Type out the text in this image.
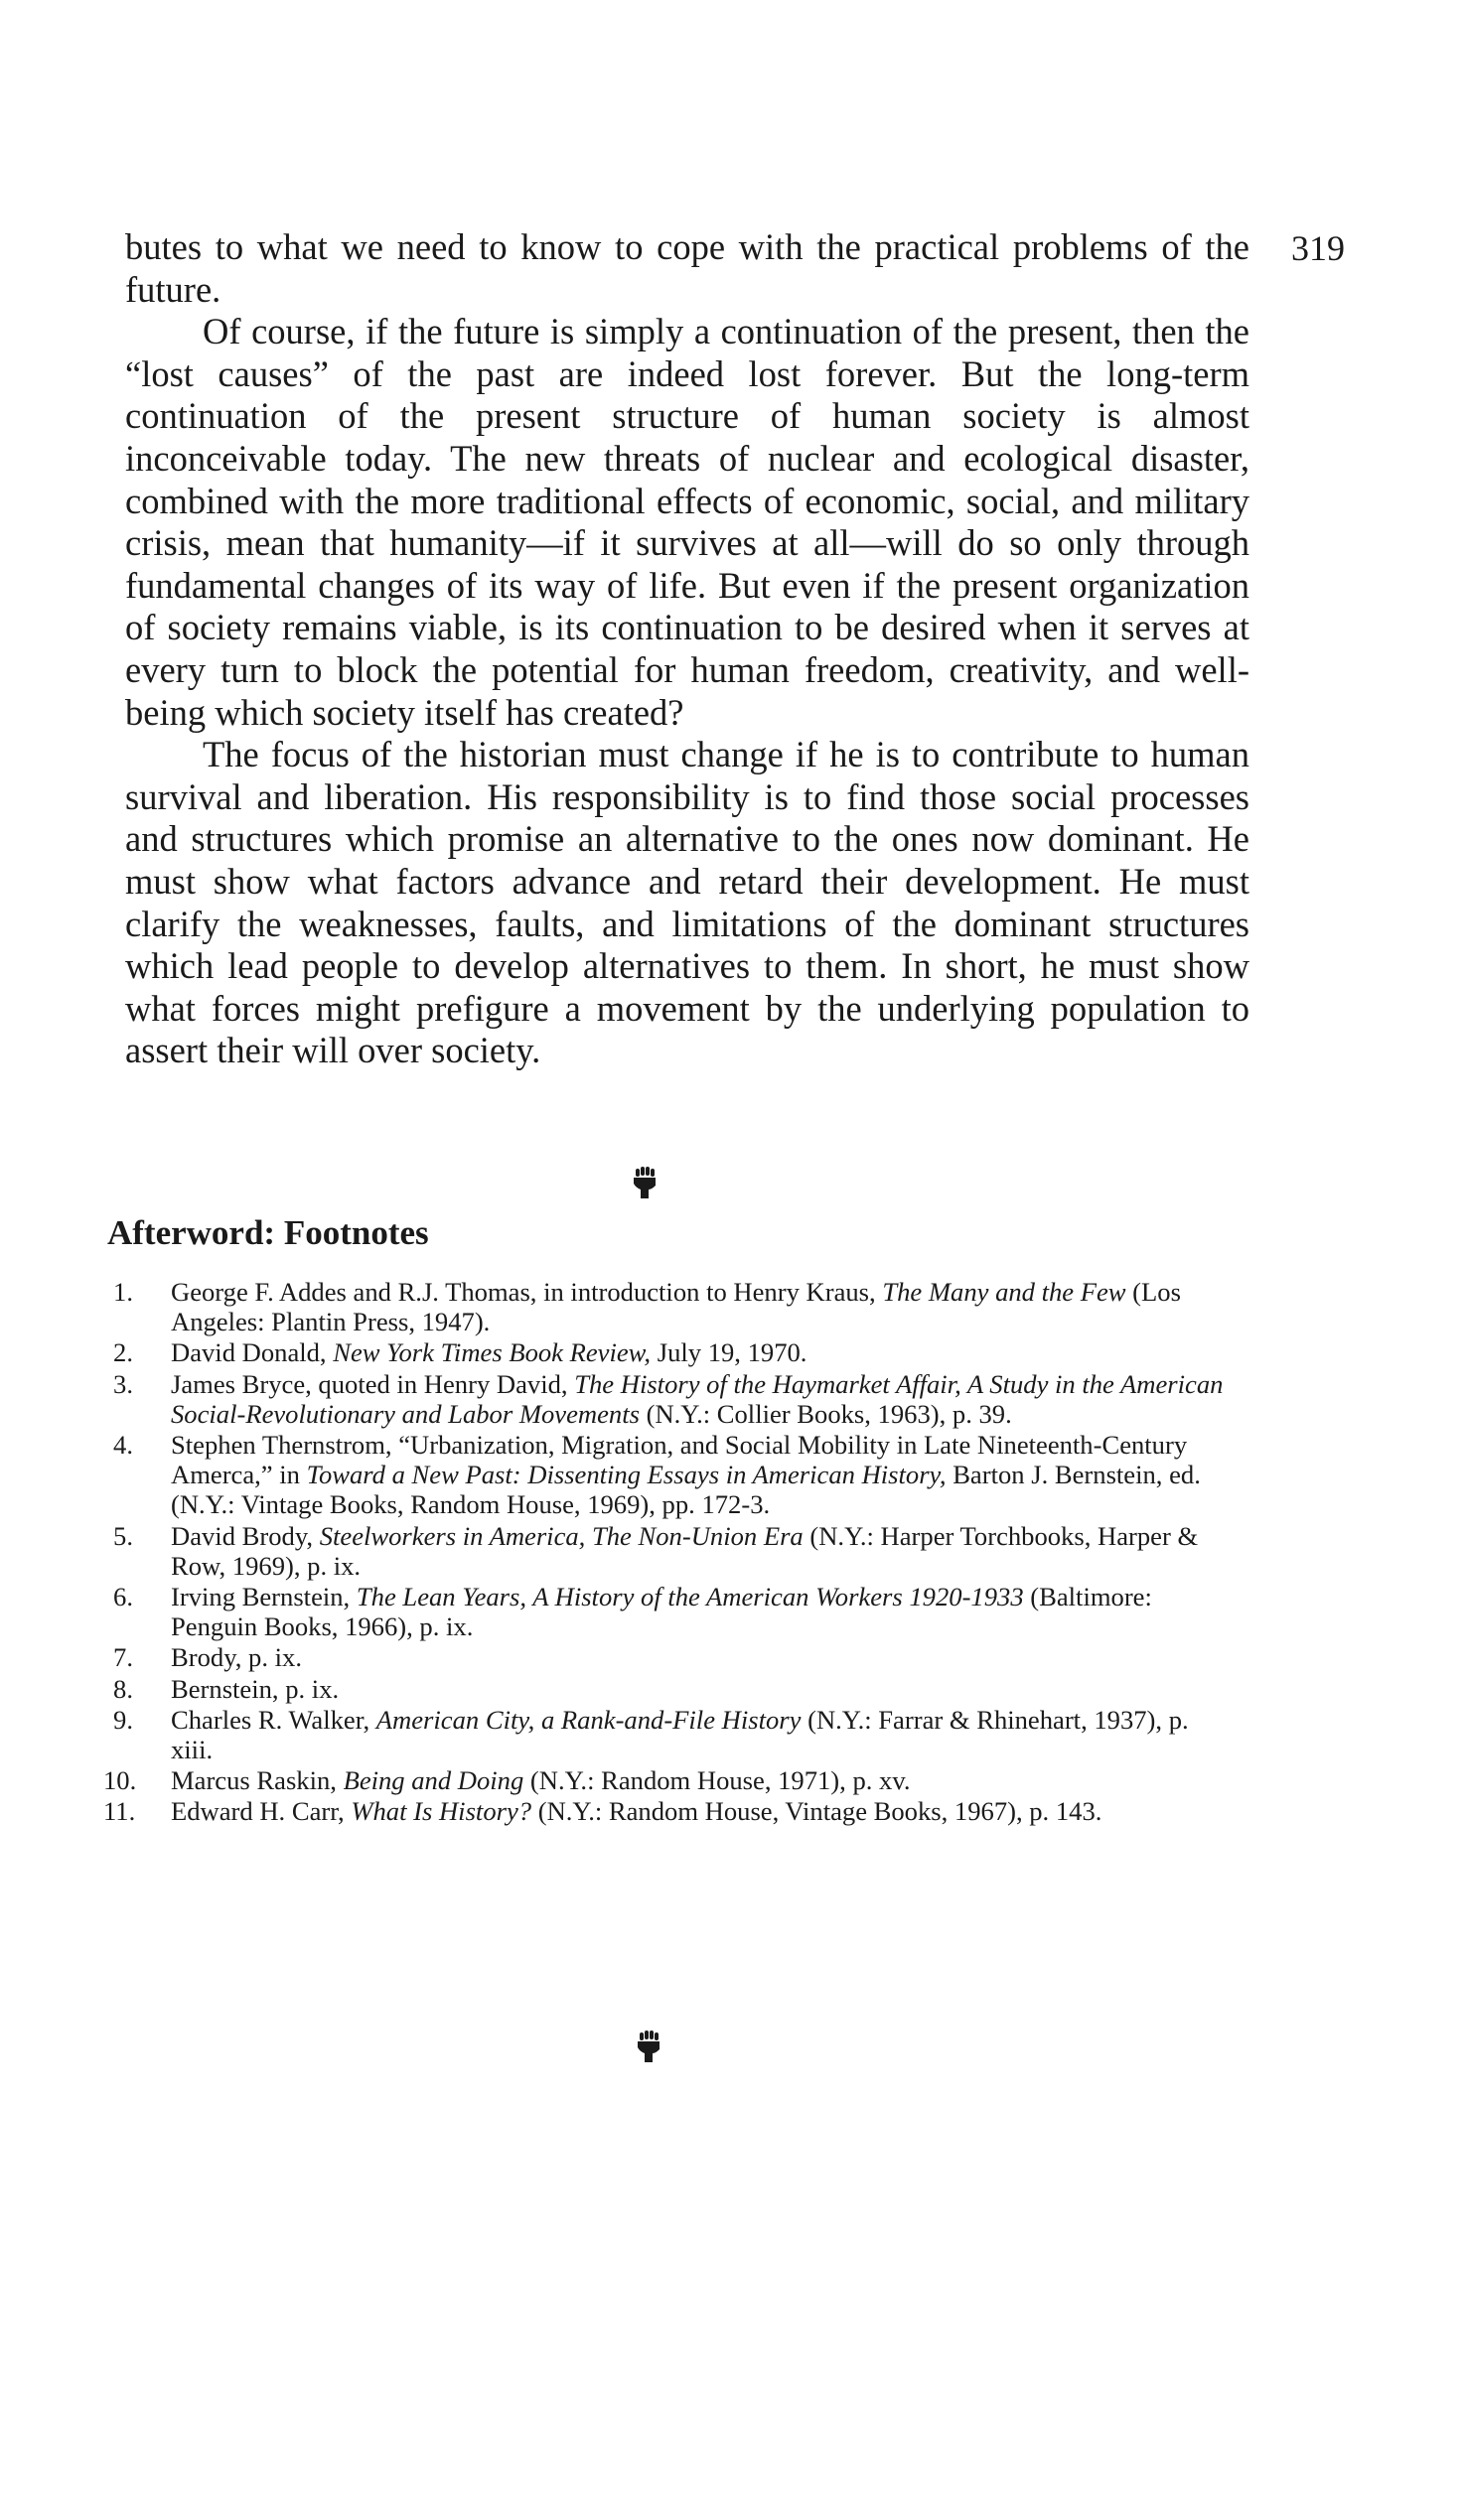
319

butes to what we need to know to cope with the practical problems of the future.

Of course, if the future is simply a continuation of the present, then the “lost causes” of the past are indeed lost forever. But the long-term continuation of the present structure of human society is almost inconceivable today. The new threats of nuclear and ecological disaster, combined with the more traditional effects of economic, social, and military crisis, mean that humanity—if it survives at all—will do so only through fundamental changes of its way of life. But even if the present organization of society remains viable, is its continuation to be desired when it serves at every turn to block the potential for human freedom, creativity, and well-being which society itself has created?

The focus of the historian must change if he is to contribute to human survival and liberation. His responsibility is to find those social processes and structures which promise an alternative to the ones now dominant. He must show what factors advance and retard their development. He must clarify the weaknesses, faults, and limitations of the dominant structures which lead people to develop alternatives to them. In short, he must show what forces might prefigure a movement by the underlying population to assert their will over society.

Afterword: Footnotes
1. George F. Addes and R.J. Thomas, in introduction to Henry Kraus, The Many and the Few (Los Angeles: Plantin Press, 1947).
2. David Donald, New York Times Book Review, July 19, 1970.
3. James Bryce, quoted in Henry David, The History of the Haymarket Affair, A Study in the American Social-Revolutionary and Labor Movements (N.Y.: Collier Books, 1963), p. 39.
4. Stephen Thernstrom, “Urbanization, Migration, and Social Mobility in Late Nineteenth-Century Amerca,” in Toward a New Past: Dissenting Essays in American History, Barton J. Bernstein, ed. (N.Y.: Vintage Books, Random House, 1969), pp. 172-3.
5. David Brody, Steelworkers in America, The Non-Union Era (N.Y.: Harper Torchbooks, Harper & Row, 1969), p. ix.
6. Irving Bernstein, The Lean Years, A History of the American Workers 1920-1933 (Baltimore: Penguin Books, 1966), p. ix.
7. Brody, p. ix.
8. Bernstein, p. ix.
9. Charles R. Walker, American City, a Rank-and-File History (N.Y.: Farrar & Rhinehart, 1937), p. xiii.
10. Marcus Raskin, Being and Doing (N.Y.: Random House, 1971), p. xv.
11. Edward H. Carr, What Is History? (N.Y.: Random House, Vintage Books, 1967), p. 143.
